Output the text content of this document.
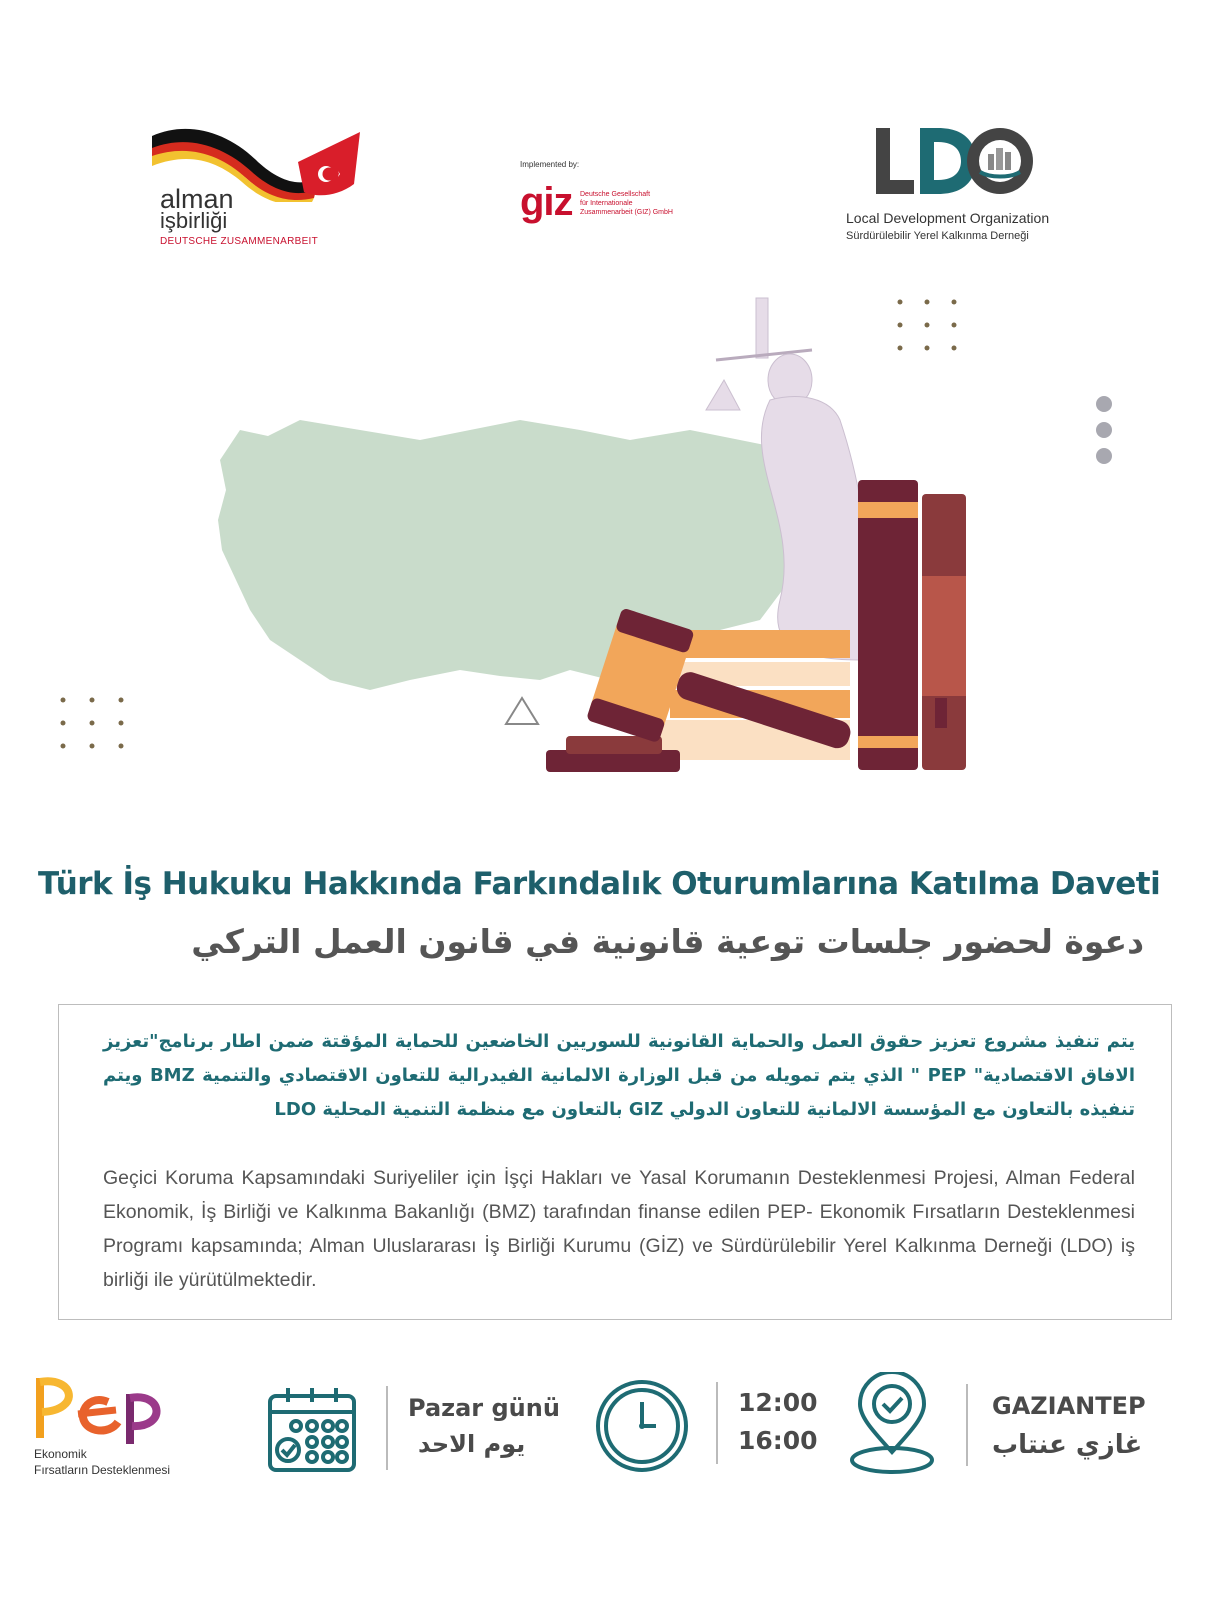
alman
işbirliği
DEUTSCHE ZUSAMMENARBEIT
Implemented by:
giz Deutsche Gesellschaft
für Internationale
Zusammenarbeit (GIZ) GmbH	Local Development Organization
Sürdürülebilir Yerel Kalkınma Derneği
Türk İş Hukuku Hakkında Farkındalık Oturumlarına Katılma Daveti
دعوة لحضور جلسات توعية قانونية في قانون العمل التركي
يتم تنفيذ مشروع تعزيز حقوق العمل والحماية القانونية للسوريين الخاضعين للحماية المؤقتة ضمن اطار برنامج"تعزيز الافاق الاقتصادية" PEP " الذي يتم تمويله من قبل الوزارة الالمانية الفيدرالية للتعاون الاقتصادي والتنمية BMZ ويتم تنفيذه بالتعاون مع المؤسسة الالمانية للتعاون الدولي GIZ بالتعاون مع منظمة التنمية المحلية LDO
Geçici Koruma Kapsamındaki Suriyeliler için İşçi Hakları ve Yasal Korumanın Desteklenmesi Projesi, Alman Federal Ekonomik, İş Birliği ve Kalkınma Bakanlığı (BMZ) tarafından finanse edilen PEP- Ekonomik Fırsatların Desteklenmesi Programı kapsamında; Alman Uluslararası İş Birliği Kurumu (GİZ) ve Sürdürülebilir Yerel Kalkınma Derneği (LDO) iş birliği ile yürütülmektedir.
Ekonomik
Fırsatların Desteklenmesi
Pazar günü
يوم الاحد
12:00
16:00
GAZIANTEP
غازي عنتاب
